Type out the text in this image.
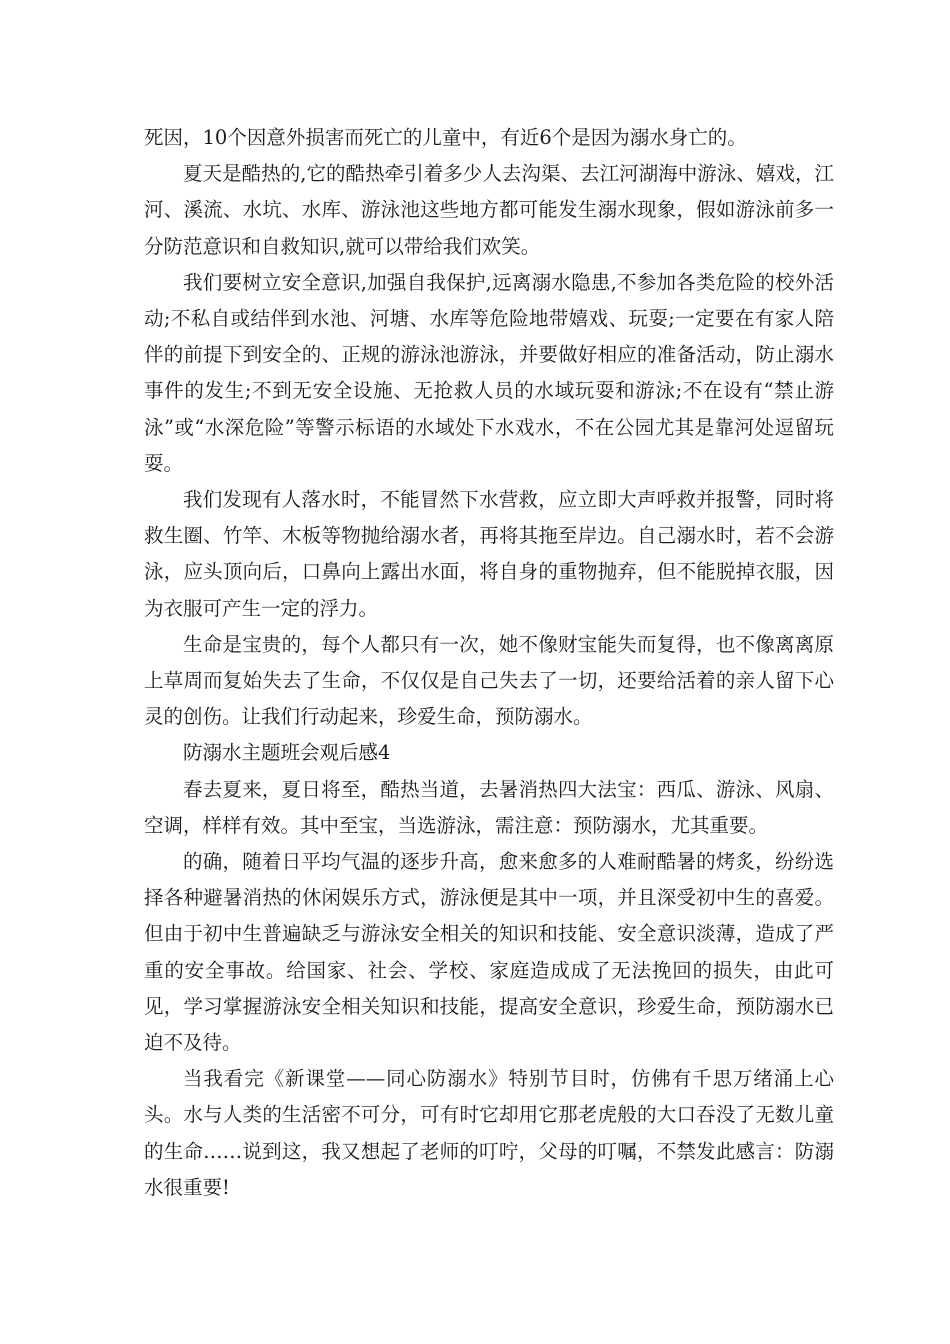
死因，10个因意外损害而死亡的儿童中，有近6个是因为溺水身亡的。

夏天是酷热的,它的酷热牵引着多少人去沟渠、去江河湖海中游泳、嬉戏，江河、溪流、水坑、水库、游泳池这些地方都可能发生溺水现象，假如游泳前多一分防范意识和自救知识,就可以带给我们欢笑。

我们要树立安全意识,加强自我保护,远离溺水隐患,不参加各类危险的校外活动;不私自或结伴到水池、河塘、水库等危险地带嬉戏、玩耍;一定要在有家人陪伴的前提下到安全的、正规的游泳池游泳，并要做好相应的准备活动，防止溺水事件的发生;不到无安全设施、无抢救人员的水域玩耍和游泳;不在设有“禁止游泳”或“水深危险”等警示标语的水域处下水戏水，不在公园尤其是靠河处逗留玩耍。

我们发现有人落水时，不能冒然下水营救，应立即大声呼救并报警，同时将救生圈、竹竿、木板等物抛给溺水者，再将其拖至岸边。自己溺水时，若不会游泳，应头顶向后，口鼻向上露出水面，将自身的重物抛弃，但不能脱掉衣服，因为衣服可产生一定的浮力。

生命是宝贵的，每个人都只有一次，她不像财宝能失而复得，也不像离离原上草周而复始失去了生命，不仅仅是自己失去了一切，还要给活着的亲人留下心灵的创伤。让我们行动起来，珍爱生命，预防溺水。

防溺水主题班会观后感4

春去夏来，夏日将至，酷热当道，去暑消热四大法宝：西瓜、游泳、风扇、空调，样样有效。其中至宝，当选游泳，需注意：预防溺水，尤其重要。

的确，随着日平均气温的逐步升高，愈来愈多的人难耐酷暑的烤炙，纷纷选择各种避暑消热的休闲娱乐方式，游泳便是其中一项，并且深受初中生的喜爱。但由于初中生普遍缺乏与游泳安全相关的知识和技能、安全意识淡薄，造成了严重的安全事故。给国家、社会、学校、家庭造成成了无法挽回的损失，由此可见，学习掌握游泳安全相关知识和技能，提高安全意识，珍爱生命，预防溺水已迫不及待。

当我看完《新课堂——同心防溺水》特别节目时，仿佛有千思万绪涌上心头。水与人类的生活密不可分，可有时它却用它那老虎般的大口吞没了无数儿童的生命……说到这，我又想起了老师的叮咛，父母的叮嘱，不禁发此感言：防溺水很重要!
